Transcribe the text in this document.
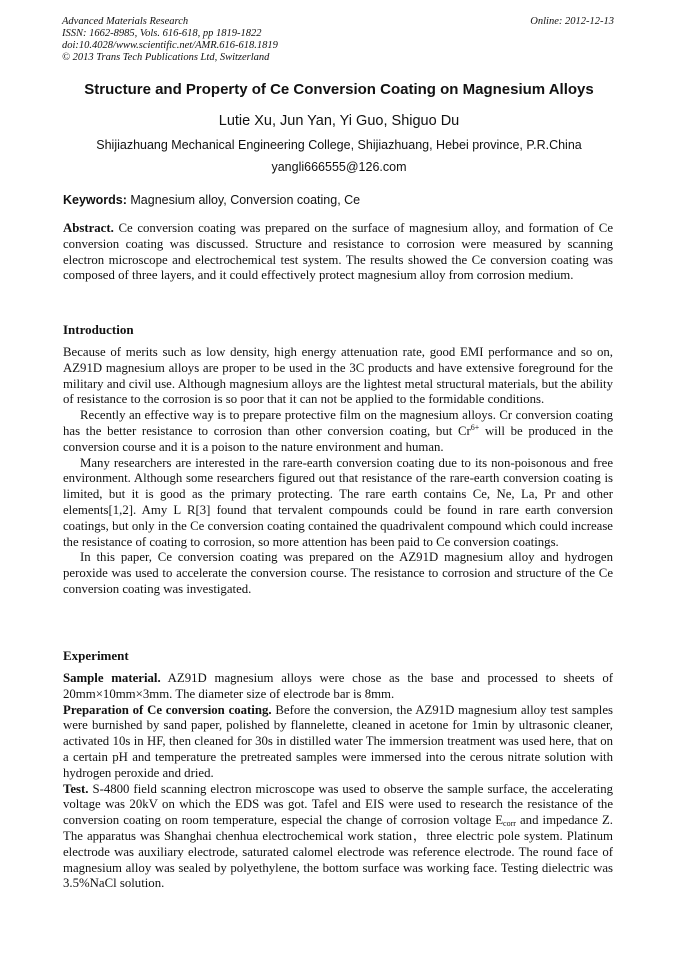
Advanced Materials Research
ISSN: 1662-8985, Vols. 616-618, pp 1819-1822
doi:10.4028/www.scientific.net/AMR.616-618.1819
© 2013 Trans Tech Publications Ltd, Switzerland
Online: 2012-12-13
Structure and Property of Ce Conversion Coating on Magnesium Alloys
Lutie Xu, Jun Yan, Yi Guo, Shiguo Du
Shijiazhuang Mechanical Engineering College, Shijiazhuang, Hebei province, P.R.China
yangli666555@126.com
Keywords: Magnesium alloy, Conversion coating, Ce

Abstract. Ce conversion coating was prepared on the surface of magnesium alloy, and formation of Ce conversion coating was discussed. Structure and resistance to corrosion were measured by scanning electron microscope and electrochemical test system. The results showed the Ce conversion coating was composed of three layers, and it could effectively protect magnesium alloy from corrosion medium.

Introduction

Because of merits such as low density, high energy attenuation rate, good EMI performance and so on, AZ91D magnesium alloys are proper to be used in the 3C products and have extensive foreground for the military and civil use. Although magnesium alloys are the lightest metal structural materials, but the ability of resistance to the corrosion is so poor that it can not be applied to the formidable conditions.

Recently an effective way is to prepare protective film on the magnesium alloys. Cr conversion coating has the better resistance to corrosion than other conversion coating, but $Cr^{6+}$ will be produced in the conversion course and it is a poison to the nature environment and human.

Many researchers are interested in the rare-earth conversion coating due to its non-poisonous and free environment. Although some researchers figured out that resistance of the rare-earth conversion coating is limited, but it is good as the primary protecting. The rare earth contains Ce, Ne, La, Pr and other elements[1,2]. Amy L R[3] found that tervalent compounds could be found in rare earth conversion coatings, but only in the Ce conversion coating contained the quadrivalent compound which could increase the resistance of coating to corrosion, so more attention has been paid to Ce conversion coatings.

In this paper, Ce conversion coating was prepared on the AZ91D magnesium alloy and hydrogen peroxide was used to accelerate the conversion course. The resistance to corrosion and structure of the Ce conversion coating was investigated.

Experiment

Sample material. AZ91D magnesium alloys were chose as the base and processed to sheets of 20mm×10mm×3mm. The diameter size of electrode bar is 8mm.

Preparation of Ce conversion coating. Before the conversion, the AZ91D magnesium alloy test samples were burnished by sand paper, polished by flannelette, cleaned in acetone for 1min by ultrasonic cleaner, activated 10s in HF, then cleaned for 30s in distilled water The immersion treatment was used here, that on a certain pH and temperature the pretreated samples were immersed into the cerous nitrate solution with hydrogen peroxide and dried.

Test. S-4800 field scanning electron microscope was used to observe the sample surface, the accelerating voltage was 20kV on which the EDS was got. Tafel and EIS were used to research the resistance of the conversion coating on room temperature, especial the change of corrosion voltage $E_{corr}$ and impedance Z. The apparatus was Shanghai chenhua electrochemical work station，three electric pole system. Platinum electrode was auxiliary electrode, saturated calomel electrode was reference electrode. The round face of magnesium alloy was sealed by polyethylene, the bottom surface was working face. Testing dielectric was 3.5%NaCl solution.
